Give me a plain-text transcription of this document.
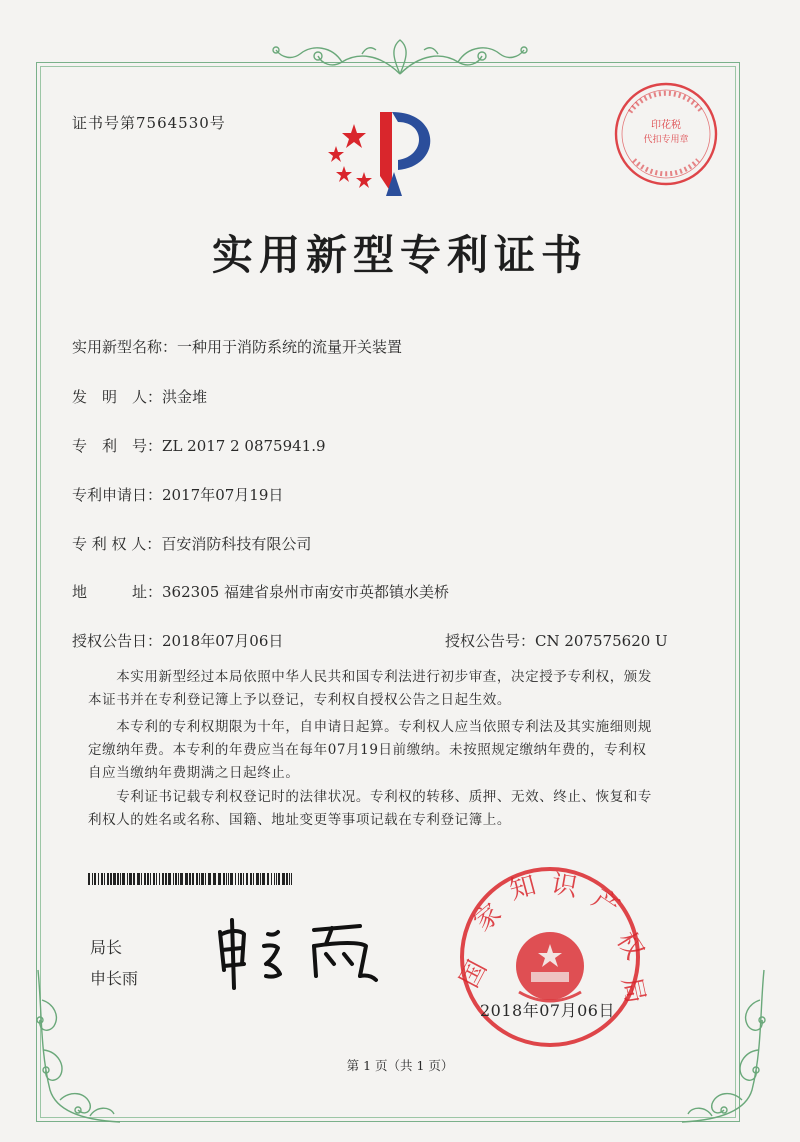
证书号第7564530号	印花税
代扣专用章
实用新型专利证书
实用新型名称：一种用于消防系统的流量开关装置
发　明　人：洪金堆
专　利　号：ZL 2017 2 0875941.9
专利申请日：2017年07月19日
专 利 权 人：百安消防科技有限公司
地　　　址：362305 福建省泉州市南安市英都镇水美桥
授权公告日：2018年07月06日	授权公告号：CN 207575620 U
　　本实用新型经过本局依照中华人民共和国专利法进行初步审查，决定授予专利权，颁发
本证书并在专利登记簿上予以登记，专利权自授权公告之日起生效。
　　本专利的专利权期限为十年，自申请日起算。专利权人应当依照专利法及其实施细则规
定缴纳年费。本专利的年费应当在每年07月19日前缴纳。未按照规定缴纳年费的，专利权
自应当缴纳年费期满之日起终止。
　　专利证书记载专利权登记时的法律状况。专利权的转移、质押、无效、终止、恢复和专
利权人的姓名或名称、国籍、地址变更等事项记载在专利登记簿上。
局长
申长雨	国
家
知 识 产
权
局
2018年07月06日
第 1 页（共 1 页）
